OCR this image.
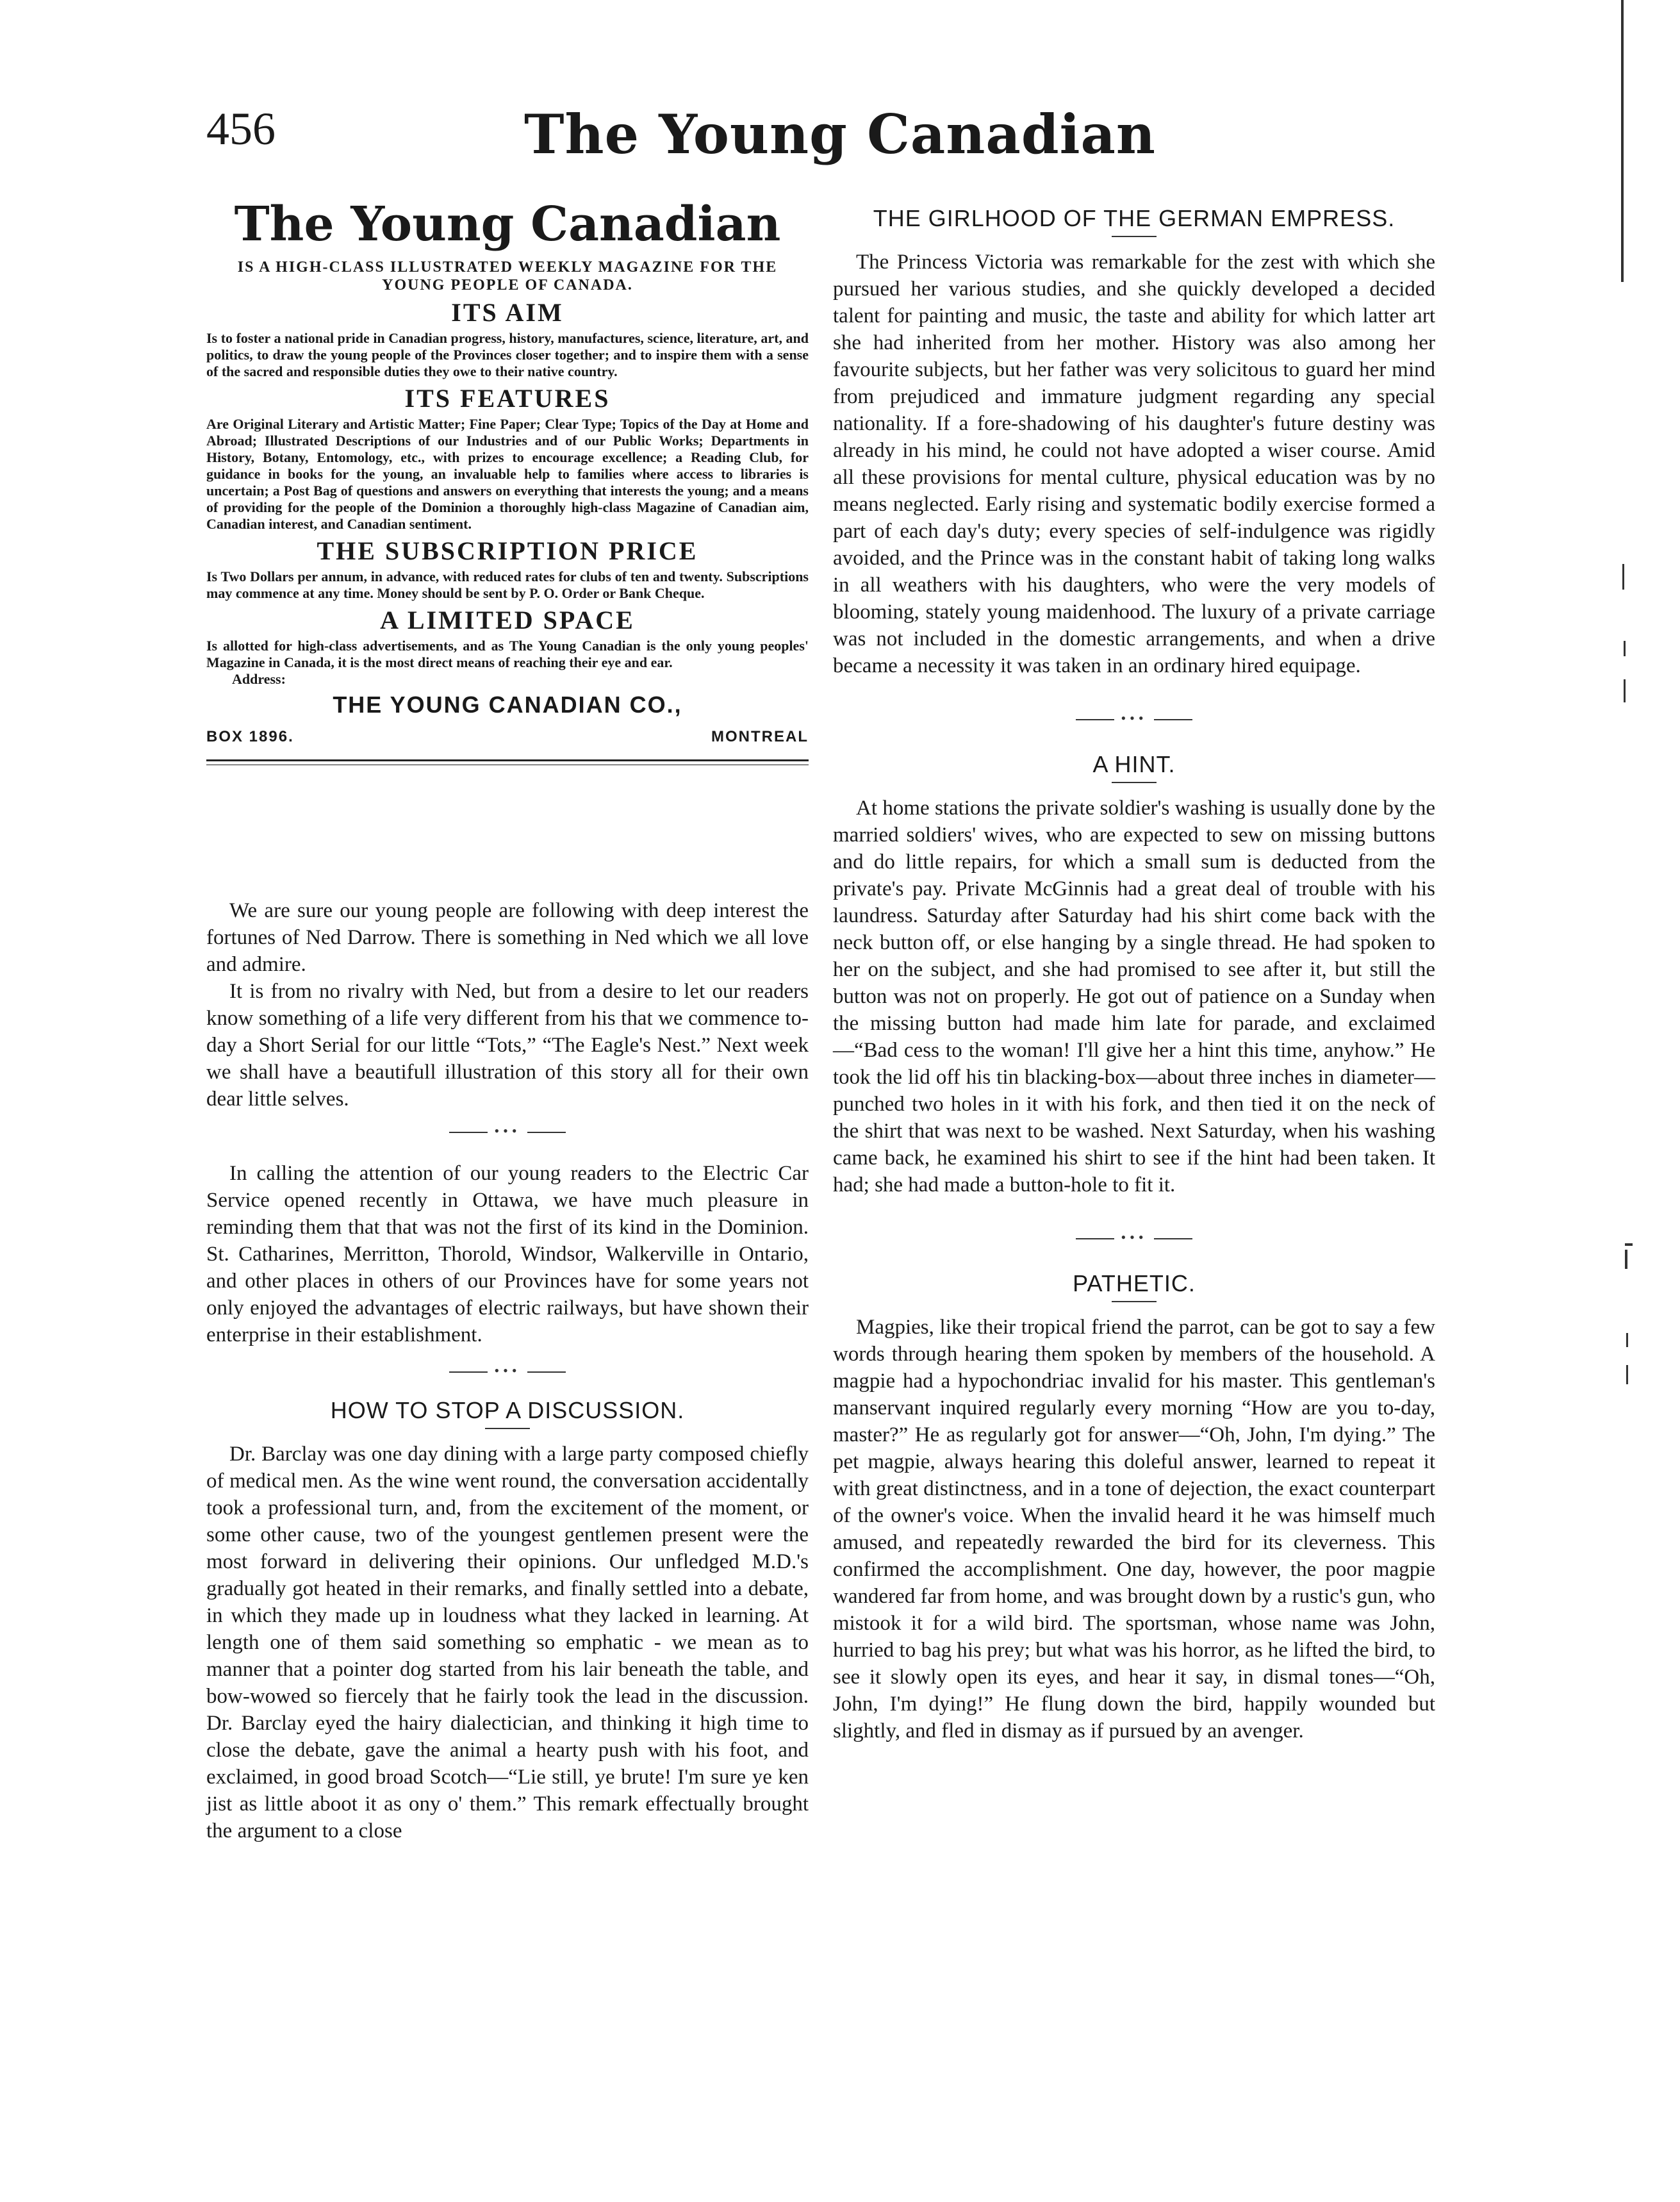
456	The Young Canadian
The Young Canadian
IS A HIGH-CLASS ILLUSTRATED WEEKLY MAGAZINE FOR THE YOUNG PEOPLE OF CANADA.
ITS AIM
Is to foster a national pride in Canadian progress, history, manufactures, science, literature, art, and politics, to draw the young people of the Provinces closer together; and to inspire them with a sense of the sacred and responsible duties they owe to their native country.
ITS FEATURES
Are Original Literary and Artistic Matter; Fine Paper; Clear Type; Topics of the Day at Home and Abroad; Illustrated Descriptions of our Industries and of our Public Works; Departments in History, Botany, Entomology, etc., with prizes to encourage excellence; a Reading Club, for guidance in books for the young, an invaluable help to families where access to libraries is uncertain; a Post Bag of questions and answers on everything that interests the young; and a means of providing for the people of the Dominion a thoroughly high-class Magazine of Canadian aim, Canadian interest, and Canadian sentiment.
THE SUBSCRIPTION PRICE
Is Two Dollars per annum, in advance, with reduced rates for clubs of ten and twenty. Subscriptions may commence at any time. Money should be sent by P. O. Order or Bank Cheque.
A LIMITED SPACE
Is allotted for high-class advertisements, and as The Young Canadian is the only young peoples' Magazine in Canada, it is the most direct means of reaching their eye and ear.
Address:
THE YOUNG CANADIAN CO.,
BOX 1896.	MONTREAL

We are sure our young people are following with deep interest the fortunes of Ned Darrow. There is something in Ned which we all love and admire.

It is from no rivalry with Ned, but from a desire to let our readers know something of a life very different from his that we commence to-day a Short Serial for our little “Tots,” “The Eagle's Nest.” Next week we shall have a beautifull illustration of this story all for their own dear little selves.

•••

In calling the attention of our young readers to the Electric Car Service opened recently in Ottawa, we have much pleasure in reminding them that that was not the first of its kind in the Dominion. St. Catharines, Merritton, Thorold, Windsor, Walkerville in Ontario, and other places in others of our Provinces have for some years not only enjoyed the advantages of electric railways, but have shown their enterprise in their establishment.

•••
HOW TO STOP A DISCUSSION.

Dr. Barclay was one day dining with a large party composed chiefly of medical men. As the wine went round, the conversation accidentally took a professional turn, and, from the excitement of the moment, or some other cause, two of the youngest gentlemen present were the most forward in delivering their opinions. Our unfledged M.D.'s gradually got heated in their remarks, and finally settled into a debate, in which they made up in loudness what they lacked in learning. At length one of them said something so emphatic - we mean as to manner that a pointer dog started from his lair beneath the table, and bow-wowed so fiercely that he fairly took the lead in the discussion. Dr. Barclay eyed the hairy dialectician, and thinking it high time to close the debate, gave the animal a hearty push with his foot, and exclaimed, in good broad Scotch—“Lie still, ye brute! I'm sure ye ken jist as little aboot it as ony o' them.” This remark effectually brought the argument to a close

THE GIRLHOOD OF THE GERMAN EMPRESS.

The Princess Victoria was remarkable for the zest with which she pursued her various studies, and she quickly developed a decided talent for painting and music, the taste and ability for which latter art she had inherited from her mother. History was also among her favourite subjects, but her father was very solicitous to guard her mind from prejudiced and immature judgment regarding any special nationality. If a fore-shadowing of his daughter's future destiny was already in his mind, he could not have adopted a wiser course. Amid all these provisions for mental culture, physical education was by no means neglected. Early rising and systematic bodily exercise formed a part of each day's duty; every species of self-indulgence was rigidly avoided, and the Prince was in the constant habit of taking long walks in all weathers with his daughters, who were the very models of blooming, stately young maidenhood. The luxury of a private carriage was not included in the domestic arrangements, and when a drive became a necessity it was taken in an ordinary hired equipage.

•••
A HINT.

At home stations the private soldier's washing is usually done by the married soldiers' wives, who are expected to sew on missing buttons and do little repairs, for which a small sum is deducted from the private's pay. Private McGinnis had a great deal of trouble with his laundress. Saturday after Saturday had his shirt come back with the neck button off, or else hanging by a single thread. He had spoken to her on the subject, and she had promised to see after it, but still the button was not on properly. He got out of patience on a Sunday when the missing button had made him late for parade, and exclaimed—“Bad cess to the woman! I'll give her a hint this time, anyhow.” He took the lid off his tin blacking-box—about three inches in diameter—punched two holes in it with his fork, and then tied it on the neck of the shirt that was next to be washed. Next Saturday, when his washing came back, he examined his shirt to see if the hint had been taken. It had; she had made a button-hole to fit it.

•••
PATHETIC.

Magpies, like their tropical friend the parrot, can be got to say a few words through hearing them spoken by members of the household. A magpie had a hypochondriac invalid for his master. This gentleman's manservant inquired regularly every morning “How are you to-day, master?” He as regularly got for answer—“Oh, John, I'm dying.” The pet magpie, always hearing this doleful answer, learned to repeat it with great distinctness, and in a tone of dejection, the exact counterpart of the owner's voice. When the invalid heard it he was himself much amused, and repeatedly rewarded the bird for its cleverness. This confirmed the accomplishment. One day, however, the poor magpie wandered far from home, and was brought down by a rustic's gun, who mistook it for a wild bird. The sportsman, whose name was John, hurried to bag his prey; but what was his horror, as he lifted the bird, to see it slowly open its eyes, and hear it say, in dismal tones—“Oh, John, I'm dying!” He flung down the bird, happily wounded but slightly, and fled in dismay as if pursued by an avenger.
